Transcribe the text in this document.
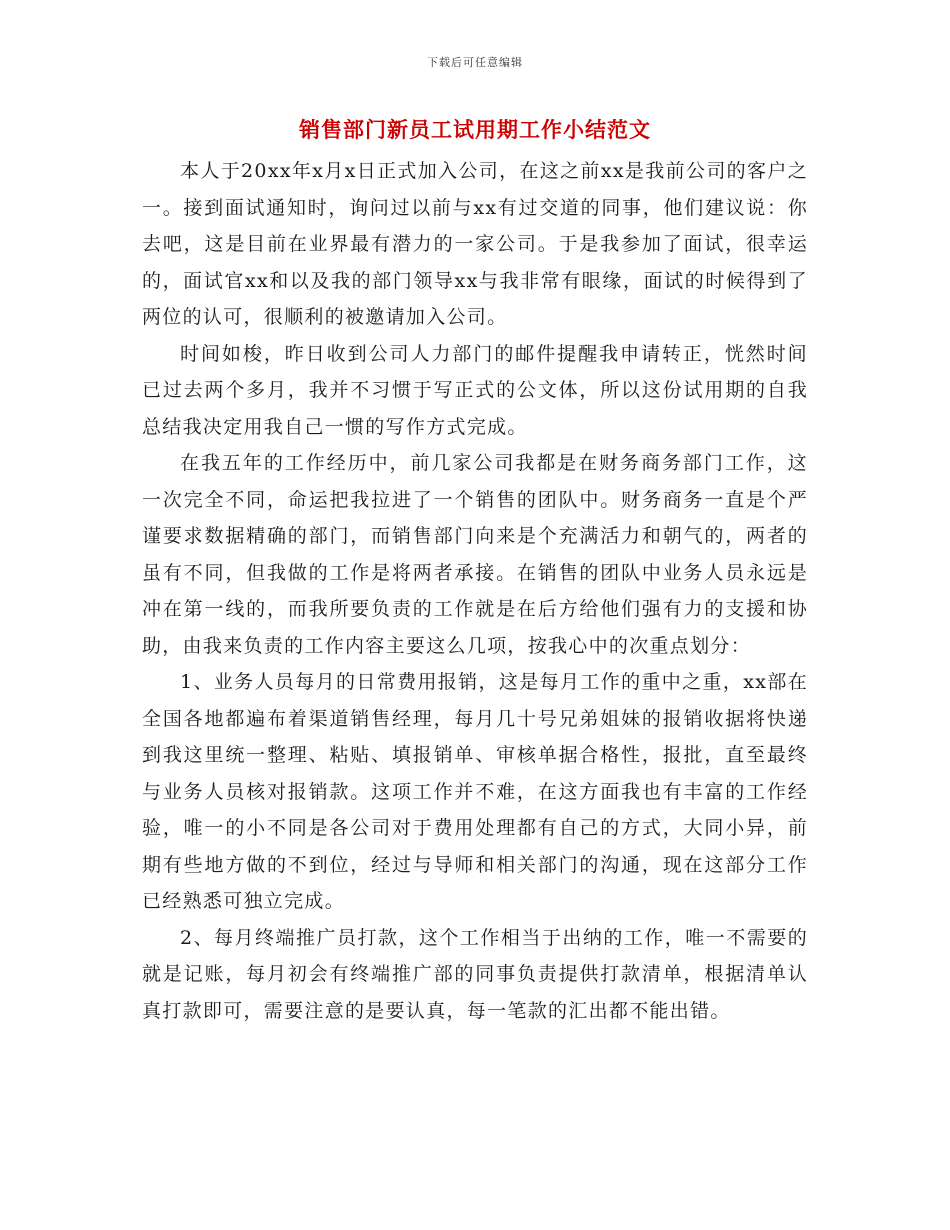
下载后可任意编辑
销售部门新员工试用期工作小结范文

本人于20xx年x月x日正式加入公司，在这之前xx是我前公司的客户之一。接到面试通知时，询问过以前与xx有过交道的同事，他们建议说：你去吧，这是目前在业界最有潜力的一家公司。于是我参加了面试，很幸运的，面试官xx和以及我的部门领导xx与我非常有眼缘，面试的时候得到了两位的认可，很顺利的被邀请加入公司。

时间如梭，昨日收到公司人力部门的邮件提醒我申请转正，恍然时间已过去两个多月，我并不习惯于写正式的公文体，所以这份试用期的自我总结我决定用我自己一惯的写作方式完成。

在我五年的工作经历中，前几家公司我都是在财务商务部门工作，这一次完全不同，命运把我拉进了一个销售的团队中。财务商务一直是个严谨要求数据精确的部门，而销售部门向来是个充满活力和朝气的，两者的虽有不同，但我做的工作是将两者承接。在销售的团队中业务人员永远是冲在第一线的，而我所要负责的工作就是在后方给他们强有力的支援和协助，由我来负责的工作内容主要这么几项，按我心中的次重点划分：

1、业务人员每月的日常费用报销，这是每月工作的重中之重，xx部在全国各地都遍布着渠道销售经理，每月几十号兄弟姐妹的报销收据将快递到我这里统一整理、粘贴、填报销单、审核单据合格性，报批，直至最终与业务人员核对报销款。这项工作并不难，在这方面我也有丰富的工作经验，唯一的小不同是各公司对于费用处理都有自己的方式，大同小异，前期有些地方做的不到位，经过与导师和相关部门的沟通，现在这部分工作已经熟悉可独立完成。

2、每月终端推广员打款，这个工作相当于出纳的工作，唯一不需要的就是记账，每月初会有终端推广部的同事负责提供打款清单，根据清单认真打款即可，需要注意的是要认真，每一笔款的汇出都不能出错。
